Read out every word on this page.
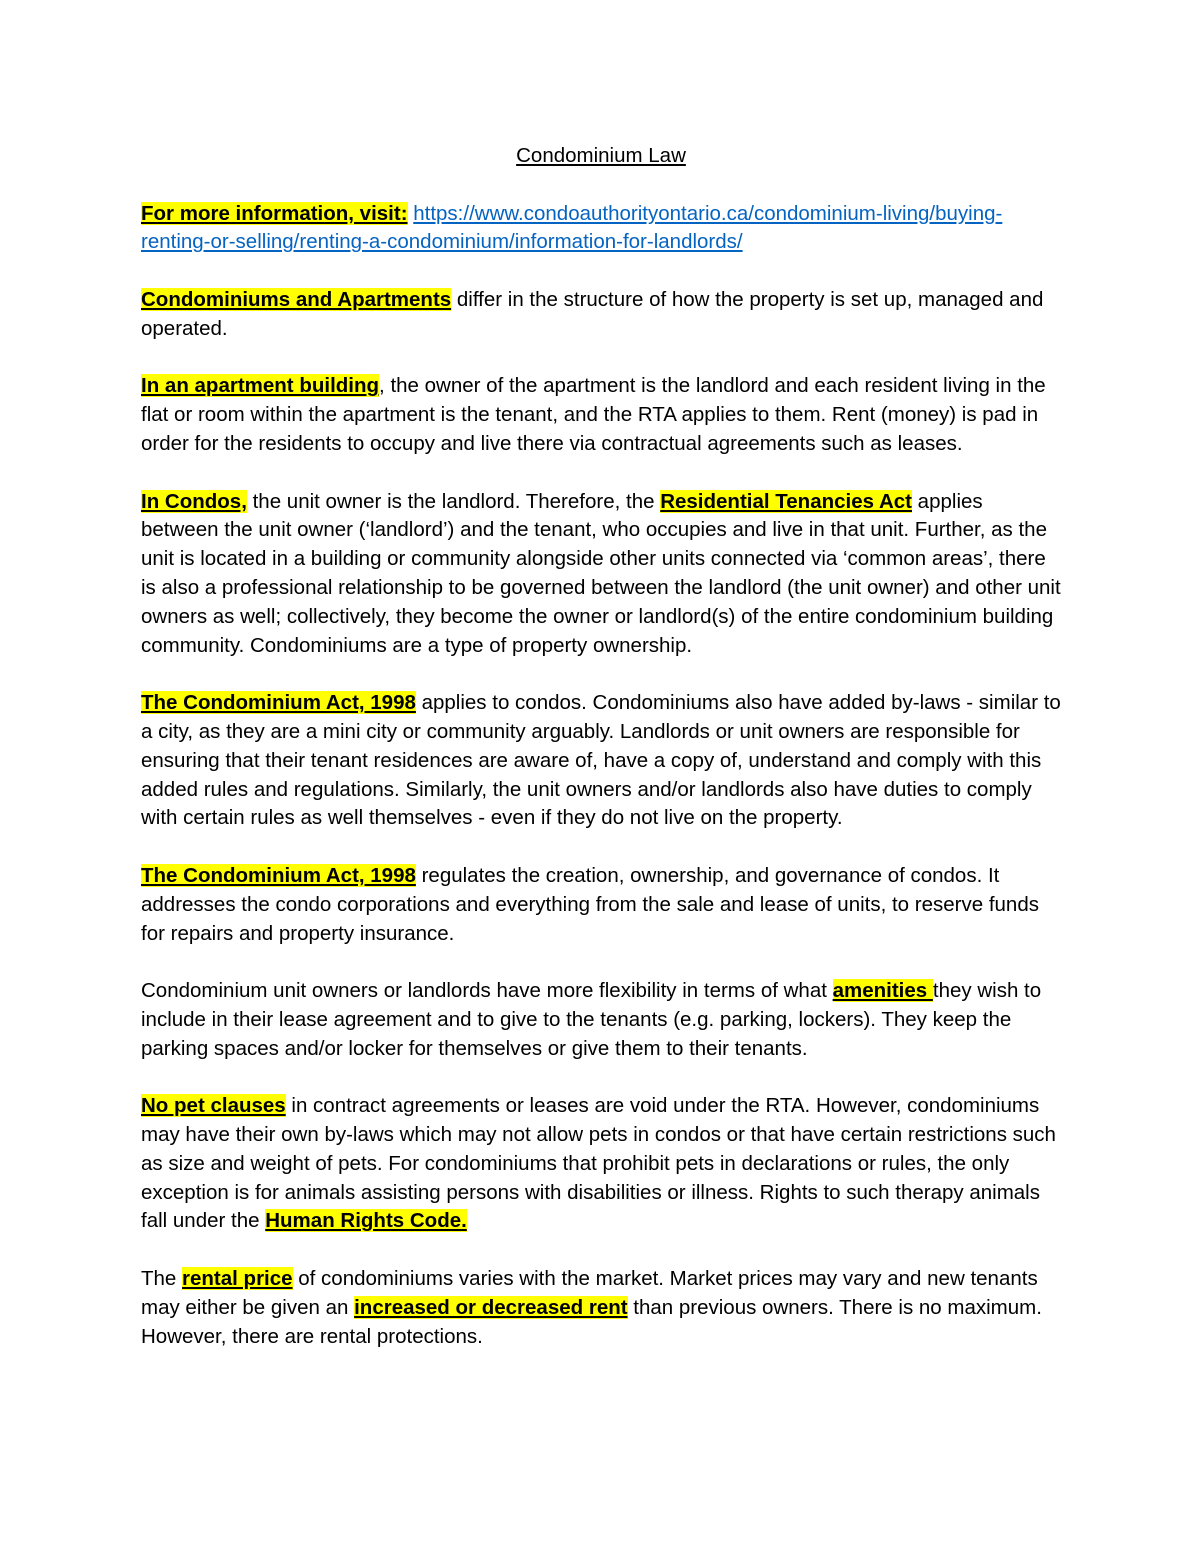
Condominium Law

For more information, visit: https://www.condoauthorityontario.ca/condominium-living/buying-renting-or-selling/renting-a-condominium/information-for-landlords/

Condominiums and Apartments differ in the structure of how the property is set up, managed and operated.

In an apartment building, the owner of the apartment is the landlord and each resident living in the flat or room within the apartment is the tenant, and the RTA applies to them. Rent (money) is pad in order for the residents to occupy and live there via contractual agreements such as leases.

In Condos, the unit owner is the landlord. Therefore, the Residential Tenancies Act applies between the unit owner (‘landlord’) and the tenant, who occupies and live in that unit. Further, as the unit is located in a building or community alongside other units connected via ‘common areas’, there is also a professional relationship to be governed between the landlord (the unit owner) and other unit owners as well; collectively, they become the owner or landlord(s) of the entire condominium building community. Condominiums are a type of property ownership.

The Condominium Act, 1998 applies to condos. Condominiums also have added by-laws - similar to a city, as they are a mini city or community arguably. Landlords or unit owners are responsible for ensuring that their tenant residences are aware of, have a copy of, understand and comply with this added rules and regulations. Similarly, the unit owners and/or landlords also have duties to comply with certain rules as well themselves - even if they do not live on the property.

The Condominium Act, 1998 regulates the creation, ownership, and governance of condos. It addresses the condo corporations and everything from the sale and lease of units, to reserve funds for repairs and property insurance.

Condominium unit owners or landlords have more flexibility in terms of what amenities they wish to include in their lease agreement and to give to the tenants (e.g. parking, lockers). They keep the parking spaces and/or locker for themselves or give them to their tenants.

No pet clauses in contract agreements or leases are void under the RTA. However, condominiums may have their own by-laws which may not allow pets in condos or that have certain restrictions such as size and weight of pets. For condominiums that prohibit pets in declarations or rules, the only exception is for animals assisting persons with disabilities or illness. Rights to such therapy animals fall under the Human Rights Code.

The rental price of condominiums varies with the market. Market prices may vary and new tenants may either be given an increased or decreased rent than previous owners. There is no maximum. However, there are rental protections.
